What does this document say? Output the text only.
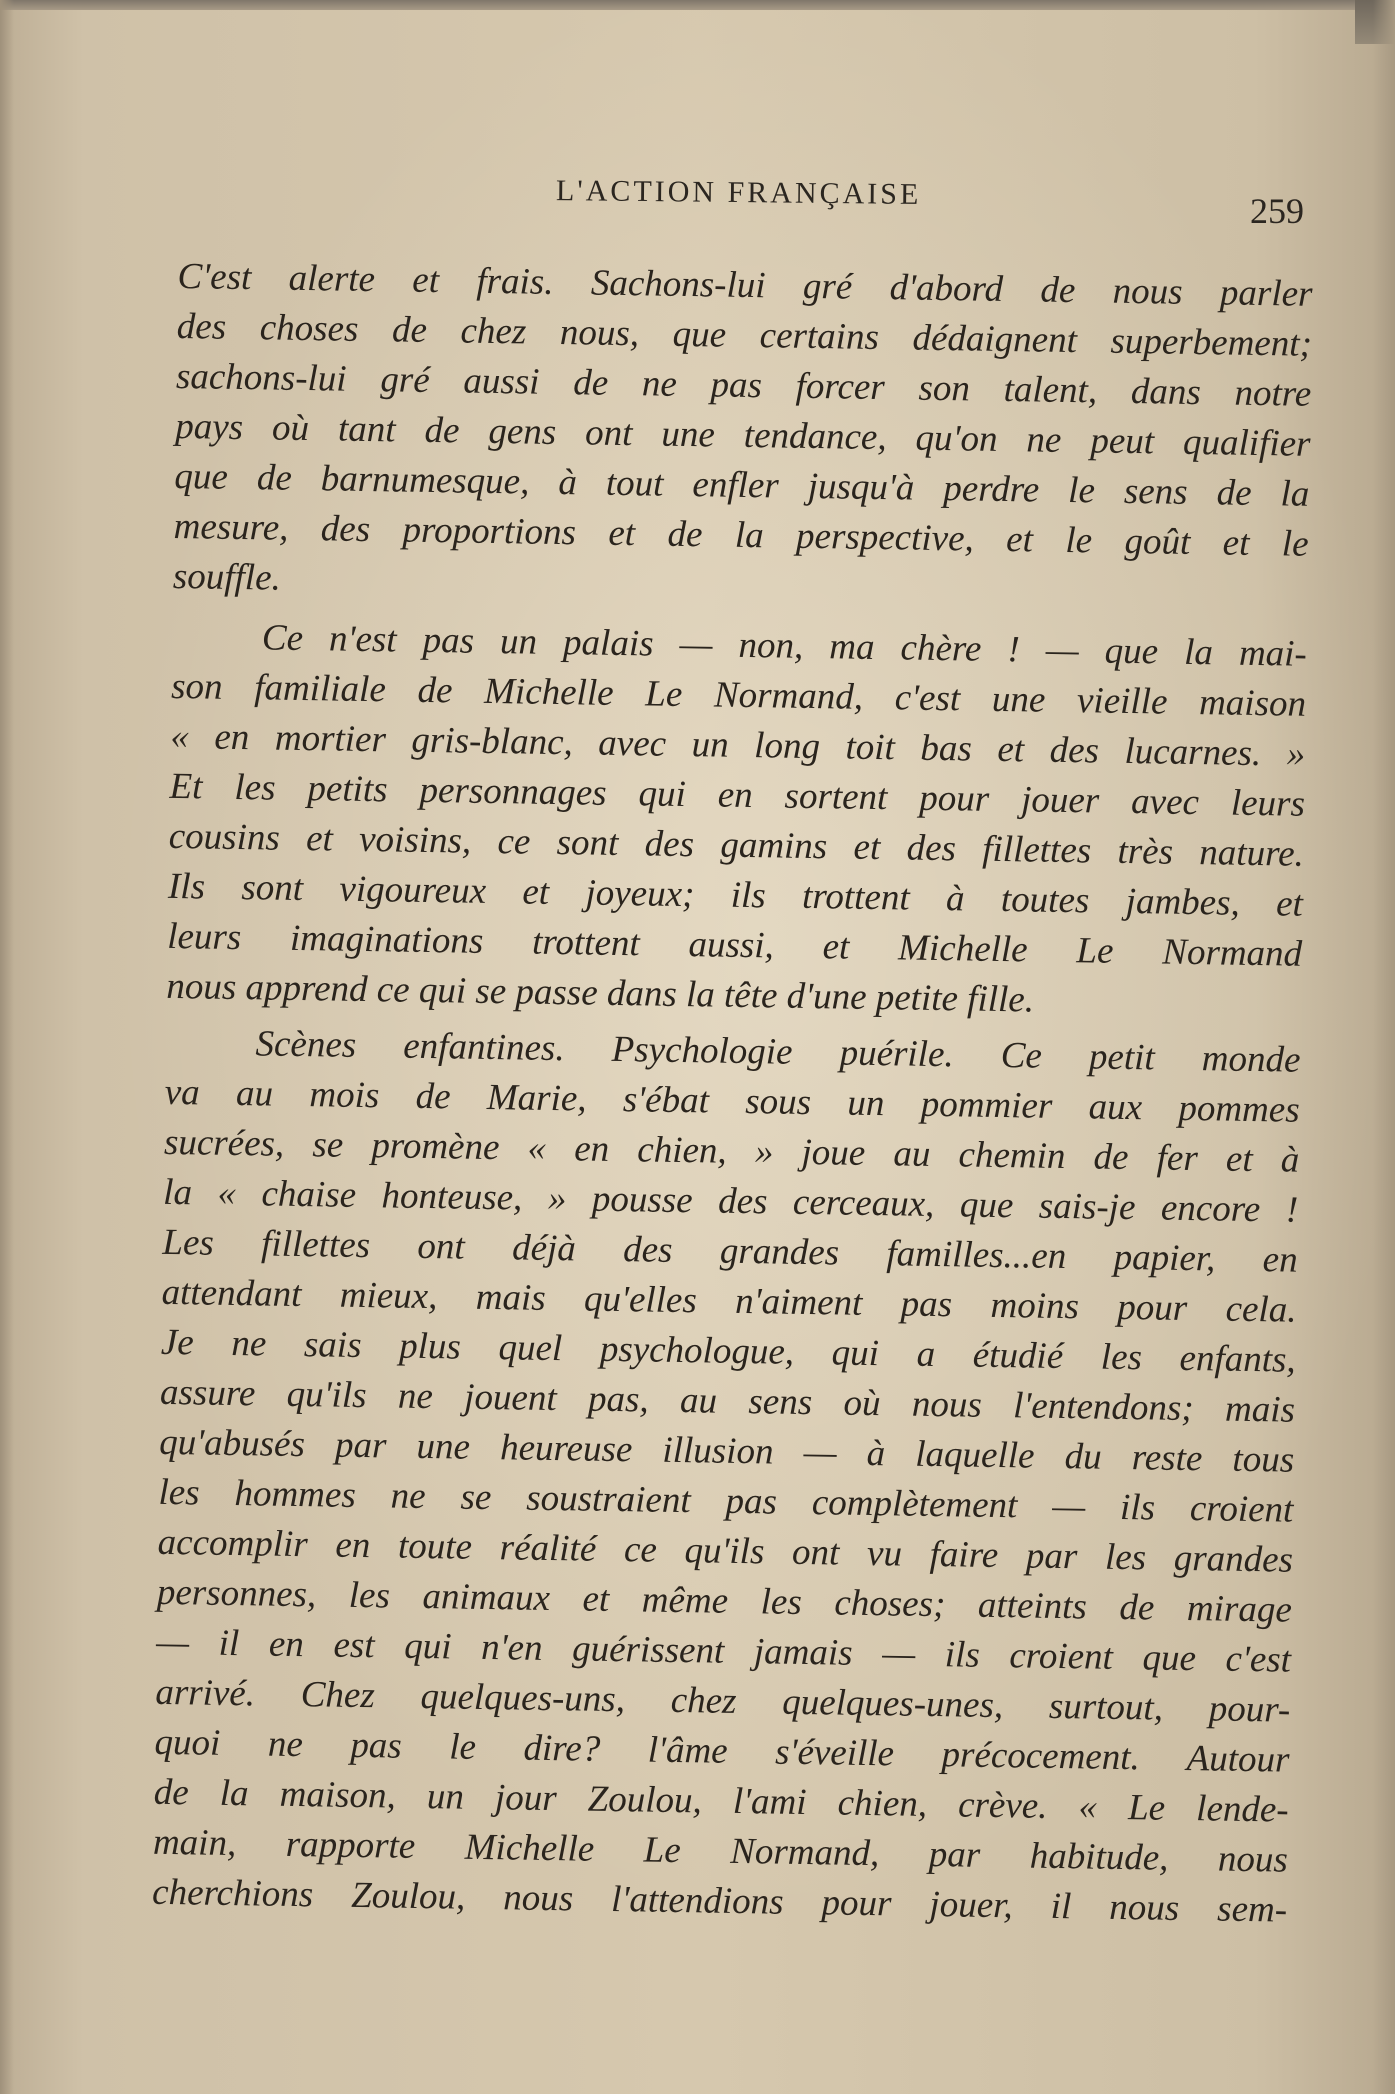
L'ACTION FRANÇAISE	259
C'est alerte et frais. Sachons-lui gré d'abord de nous parler
des choses de chez nous, que certains dédaignent superbement;
sachons-lui gré aussi de ne pas forcer son talent, dans notre
pays où tant de gens ont une tendance, qu'on ne peut qualifier
que de barnumesque, à tout enfler jusqu'à perdre le sens de la
mesure, des proportions et de la perspective, et le goût et le
souffle.
Ce n'est pas un palais — non, ma chère ! — que la mai-
son familiale de Michelle Le Normand, c'est une vieille maison
« en mortier gris-blanc, avec un long toit bas et des lucarnes. »
Et les petits personnages qui en sortent pour jouer avec leurs
cousins et voisins, ce sont des gamins et des fillettes très nature.
Ils sont vigoureux et joyeux; ils trottent à toutes jambes, et
leurs imaginations trottent aussi, et Michelle Le Normand
nous apprend ce qui se passe dans la tête d'une petite fille.
Scènes enfantines. Psychologie puérile. Ce petit monde
va au mois de Marie, s'ébat sous un pommier aux pommes
sucrées, se promène « en chien, » joue au chemin de fer et à
la « chaise honteuse, » pousse des cerceaux, que sais-je encore !
Les fillettes ont déjà des grandes familles...en papier, en
attendant mieux, mais qu'elles n'aiment pas moins pour cela.
Je ne sais plus quel psychologue, qui a étudié les enfants,
assure qu'ils ne jouent pas, au sens où nous l'entendons; mais
qu'abusés par une heureuse illusion — à laquelle du reste tous
les hommes ne se soustraient pas complètement — ils croient
accomplir en toute réalité ce qu'ils ont vu faire par les grandes
personnes, les animaux et même les choses; atteints de mirage
— il en est qui n'en guérissent jamais — ils croient que c'est
arrivé. Chez quelques-uns, chez quelques-unes, surtout, pour-
quoi ne pas le dire? l'âme s'éveille précocement. Autour
de la maison, un jour Zoulou, l'ami chien, crève. « Le lende-
main, rapporte Michelle Le Normand, par habitude, nous
cherchions Zoulou, nous l'attendions pour jouer, il nous sem-
